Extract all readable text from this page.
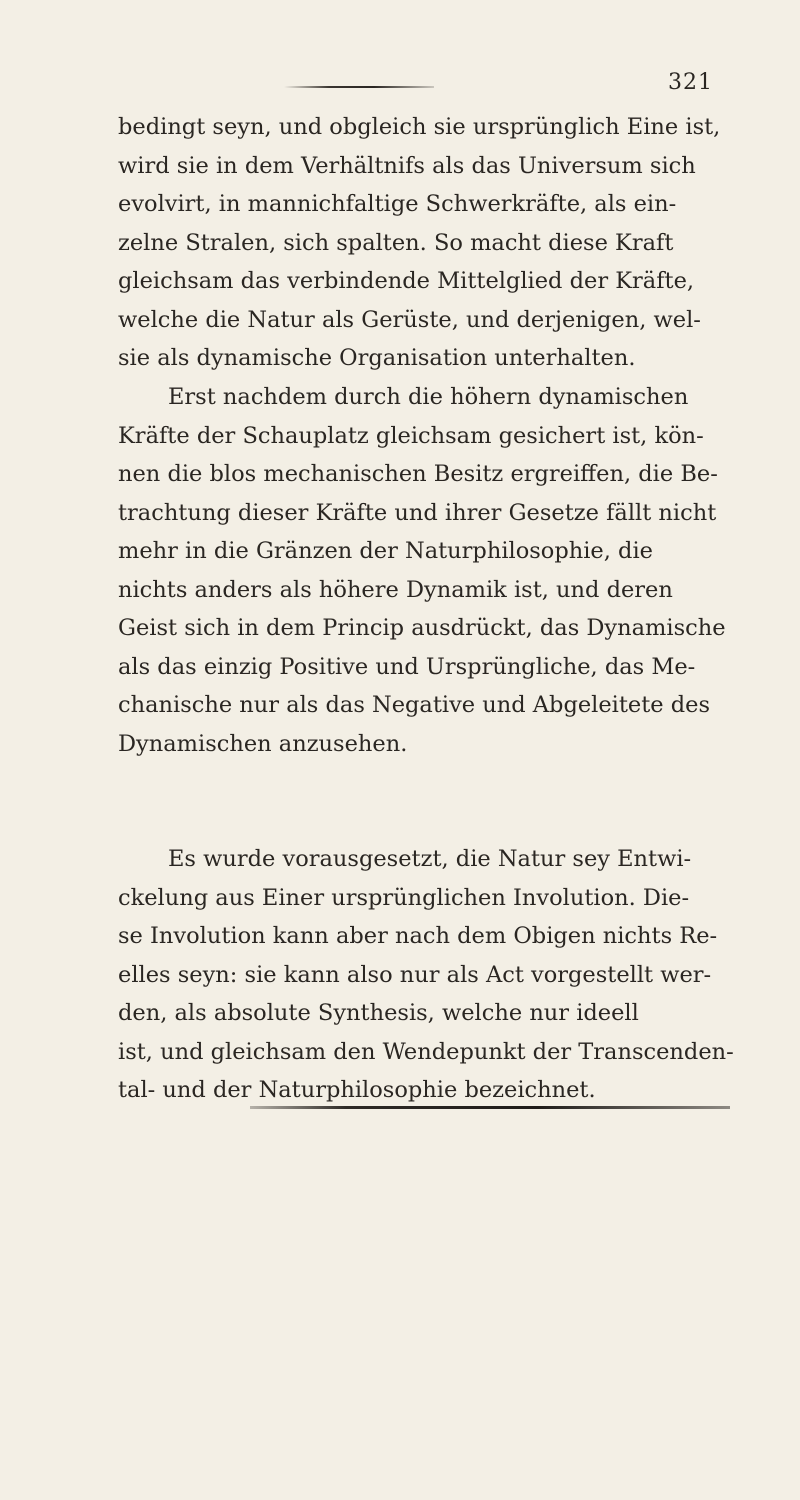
321
bedingt seyn, und obgleich sie ursprünglich Eine ist,
wird sie in dem Verhältnifs als das Universum sich
evolvirt, in mannichfaltige Schwerkräfte, als ein-
zelne Stralen, sich spalten. So macht diese Kraft
gleichsam das verbindende Mittelglied der Kräfte,
welche die Natur als Gerüste, und derjenigen, wel-
sie als dynamische Organisation unterhalten.
Erst nachdem durch die höhern dynamischen
Kräfte der Schauplatz gleichsam gesichert ist, kön-
nen die blos mechanischen Besitz ergreiffen, die Be-
trachtung dieser Kräfte und ihrer Gesetze fällt nicht
mehr in die Gränzen der Naturphilosophie, die
nichts anders als höhere Dynamik ist, und deren
Geist sich in dem Princip ausdrückt, das Dynamische
als das einzig Positive und Ursprüngliche, das Me-
chanische nur als das Negative und Abgeleitete des
Dynamischen anzusehen.
Es wurde vorausgesetzt, die Natur sey Entwi-
ckelung aus Einer ursprünglichen Involution. Die-
se Involution kann aber nach dem Obigen nichts Re-
elles seyn: sie kann also nur als Act vorgestellt wer-
den, als absolute Synthesis, welche nur ideell
ist, und gleichsam den Wendepunkt der Transcenden-
tal- und der Naturphilosophie bezeichnet.
